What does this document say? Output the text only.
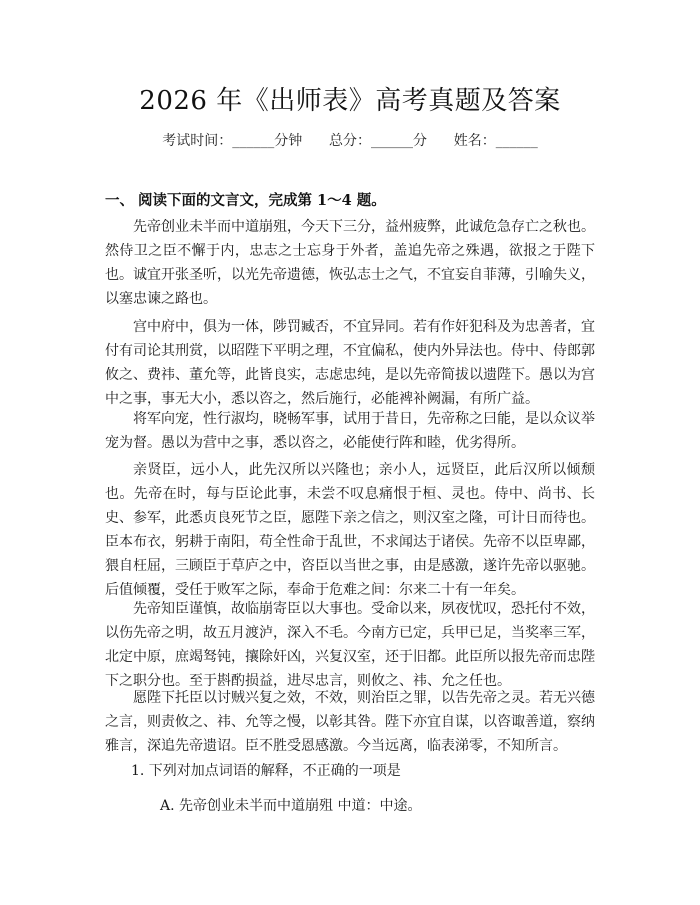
2026 年《出师表》高考真题及答案
考试时间：______分钟      总分：______分      姓名：______
一、 阅读下面的文言文，完成第 1～4 题。

先帝创业未半而中道崩殂，今天下三分，益州疲弊，此诚危急存亡之秋也。然侍卫之臣不懈于内，忠志之士忘身于外者，盖追先帝之殊遇，欲报之于陛下也。诚宜开张圣听，以光先帝遗德，恢弘志士之气，不宜妄自菲薄，引喻失义，以塞忠谏之路也。

宫中府中，俱为一体，陟罚臧否，不宜异同。若有作奸犯科及为忠善者，宜付有司论其刑赏，以昭陛下平明之理，不宜偏私，使内外异法也。侍中、侍郎郭攸之、费祎、董允等，此皆良实，志虑忠纯，是以先帝简拔以遗陛下。愚以为宫中之事，事无大小，悉以咨之，然后施行，必能裨补阙漏，有所广益。

将军向宠，性行淑均，晓畅军事，试用于昔日，先帝称之曰能，是以众议举宠为督。愚以为营中之事，悉以咨之，必能使行阵和睦，优劣得所。

亲贤臣，远小人，此先汉所以兴隆也；亲小人，远贤臣，此后汉所以倾颓也。先帝在时，每与臣论此事，未尝不叹息痛恨于桓、灵也。侍中、尚书、长史、参军，此悉贞良死节之臣，愿陛下亲之信之，则汉室之隆，可计日而待也。臣本布衣，躬耕于南阳，苟全性命于乱世，不求闻达于诸侯。先帝不以臣卑鄙，猥自枉屈，三顾臣于草庐之中，咨臣以当世之事，由是感激，遂许先帝以驱驰。后值倾覆，受任于败军之际，奉命于危难之间：尔来二十有一年矣。

先帝知臣谨慎，故临崩寄臣以大事也。受命以来，夙夜忧叹，恐托付不效，以伤先帝之明，故五月渡泸，深入不毛。今南方已定，兵甲已足，当奖率三军，北定中原，庶竭驽钝，攘除奸凶，兴复汉室，还于旧都。此臣所以报先帝而忠陛下之职分也。至于斟酌损益，进尽忠言，则攸之、祎、允之任也。

愿陛下托臣以讨贼兴复之效，不效，则治臣之罪，以告先帝之灵。若无兴德之言，则责攸之、祎、允等之慢，以彰其咎。陛下亦宜自谋，以咨诹善道，察纳雅言，深追先帝遗诏。臣不胜受恩感激。今当远离，临表涕零，不知所言。

1. 下列对加点词语的解释，不正确的一项是
A. 先帝创业未半而中道崩殂 中道：中途。
